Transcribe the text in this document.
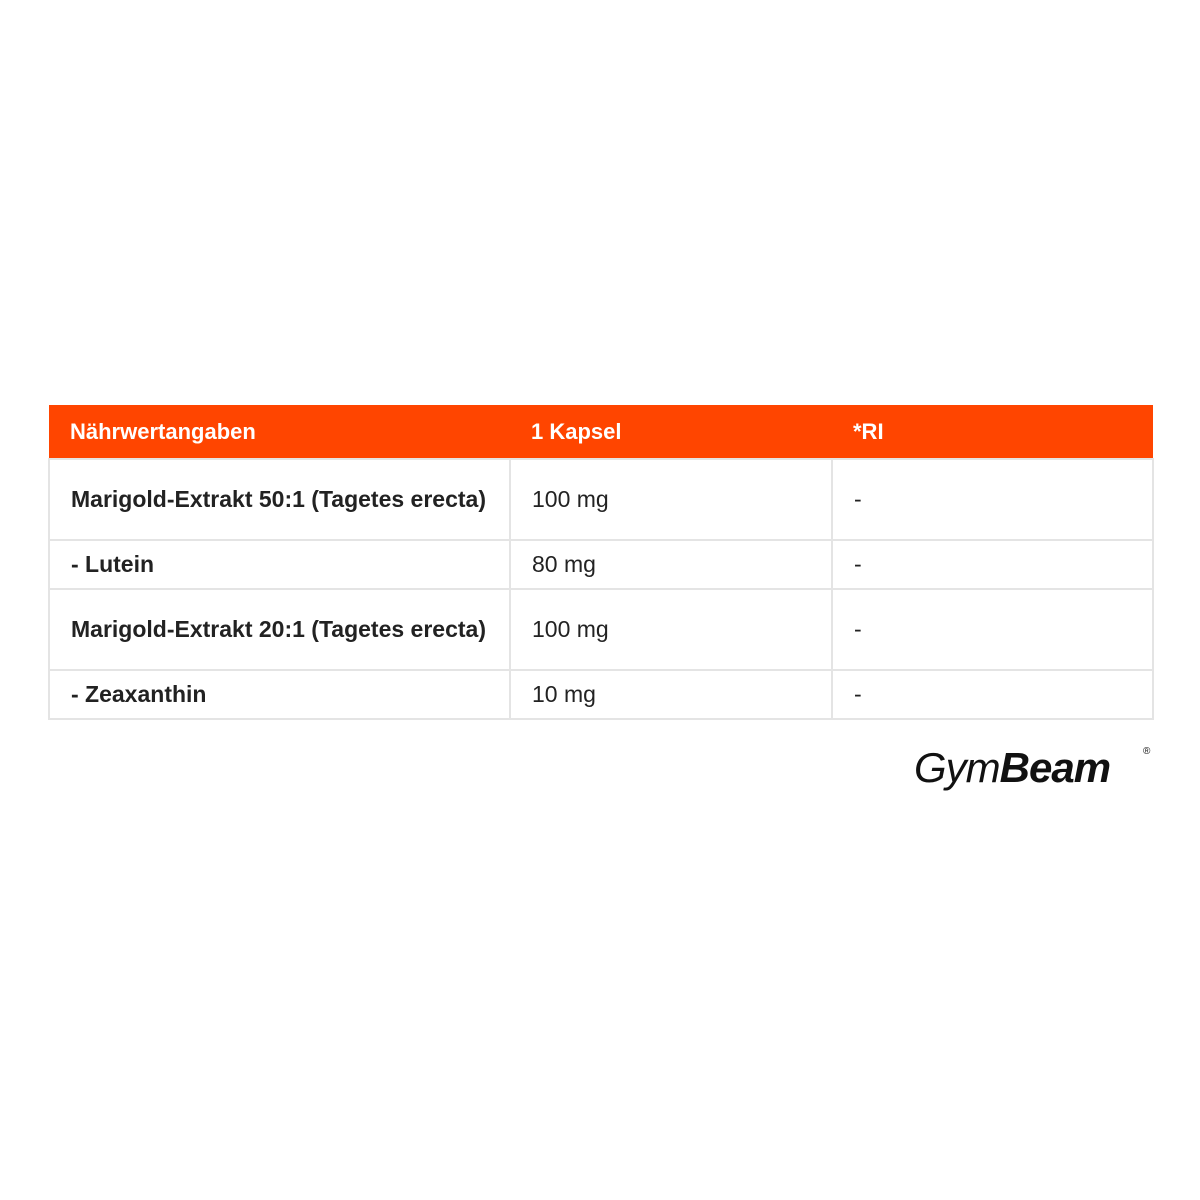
Nährwertangaben	1 Kapsel	*RI
Marigold-Extrakt 50:1 (Tagetes erecta)	100 mg	-
- Lutein	80 mg	-
Marigold-Extrakt 20:1 (Tagetes erecta)	100 mg	-
- Zeaxanthin	10 mg	-
GymBeam	®
